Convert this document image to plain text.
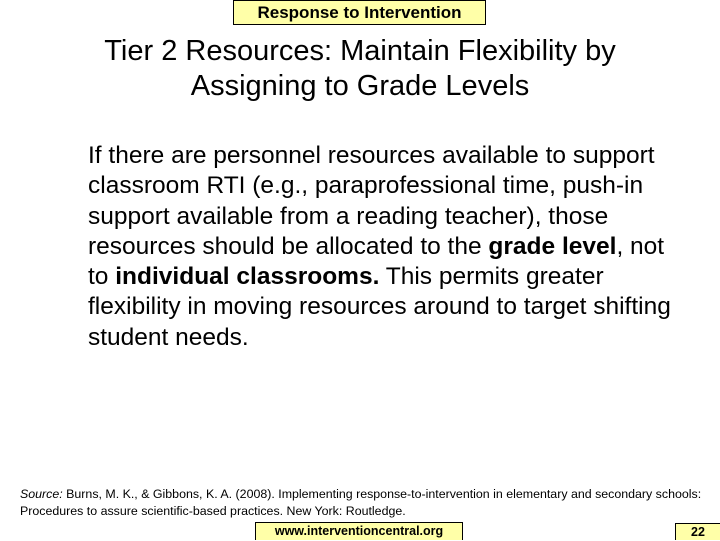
Response to Intervention
Tier 2 Resources: Maintain Flexibility by
Assigning to Grade Levels
If there are personnel resources available to support classroom RTI (e.g., paraprofessional time, push-in support available from a reading teacher), those resources should be allocated to the grade level, not to individual classrooms. This permits greater flexibility in moving resources around to target shifting student needs.
Source: Burns, M. K., & Gibbons, K. A. (2008). Implementing response-to-intervention in elementary and secondary schools: Procedures to assure scientific-based practices. New York: Routledge.
www.interventioncentral.org	22
